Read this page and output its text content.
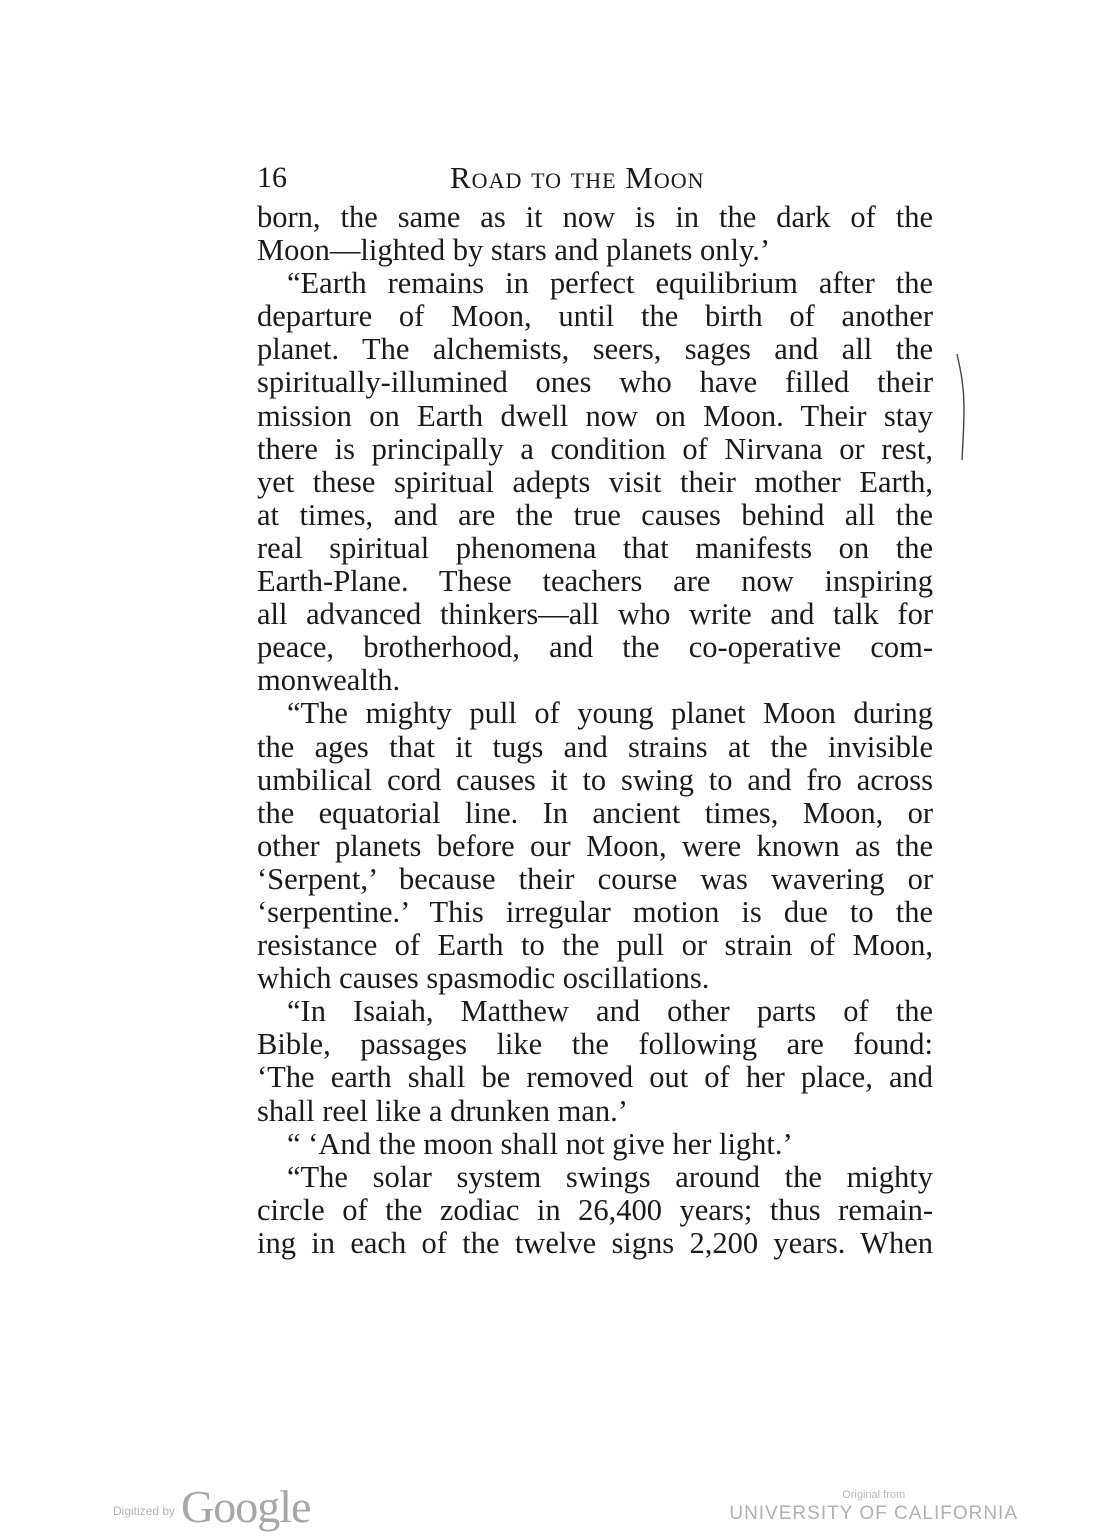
16	Road to the Moon
born, the same as it now is in the dark of the
Moon—lighted by stars and planets only.’
“Earth remains in perfect equilibrium after the
departure of Moon, until the birth of another
planet. The alchemists, seers, sages and all the
spiritually-illumined ones who have filled their
mission on Earth dwell now on Moon. Their stay
there is principally a condition of Nirvana or rest,
yet these spiritual adepts visit their mother Earth,
at times, and are the true causes behind all the
real spiritual phenomena that manifests on the
Earth-Plane. These teachers are now inspiring
all advanced thinkers—all who write and talk for
peace, brotherhood, and the co-operative com-
monwealth.
“The mighty pull of young planet Moon during
the ages that it tugs and strains at the invisible
umbilical cord causes it to swing to and fro across
the equatorial line. In ancient times, Moon, or
other planets before our Moon, were known as the
‘Serpent,’ because their course was wavering or
‘serpentine.’ This irregular motion is due to the
resistance of Earth to the pull or strain of Moon,
which causes spasmodic oscillations.
“In Isaiah, Matthew and other parts of the
Bible, passages like the following are found:
‘The earth shall be removed out of her place, and
shall reel like a drunken man.’
“ ‘And the moon shall not give her light.’
“The solar system swings around the mighty
circle of the zodiac in 26,400 years; thus remain-
ing in each of the twelve signs 2,200 years. When
Digitized by Google	Original from
UNIVERSITY OF CALIFORNIA
